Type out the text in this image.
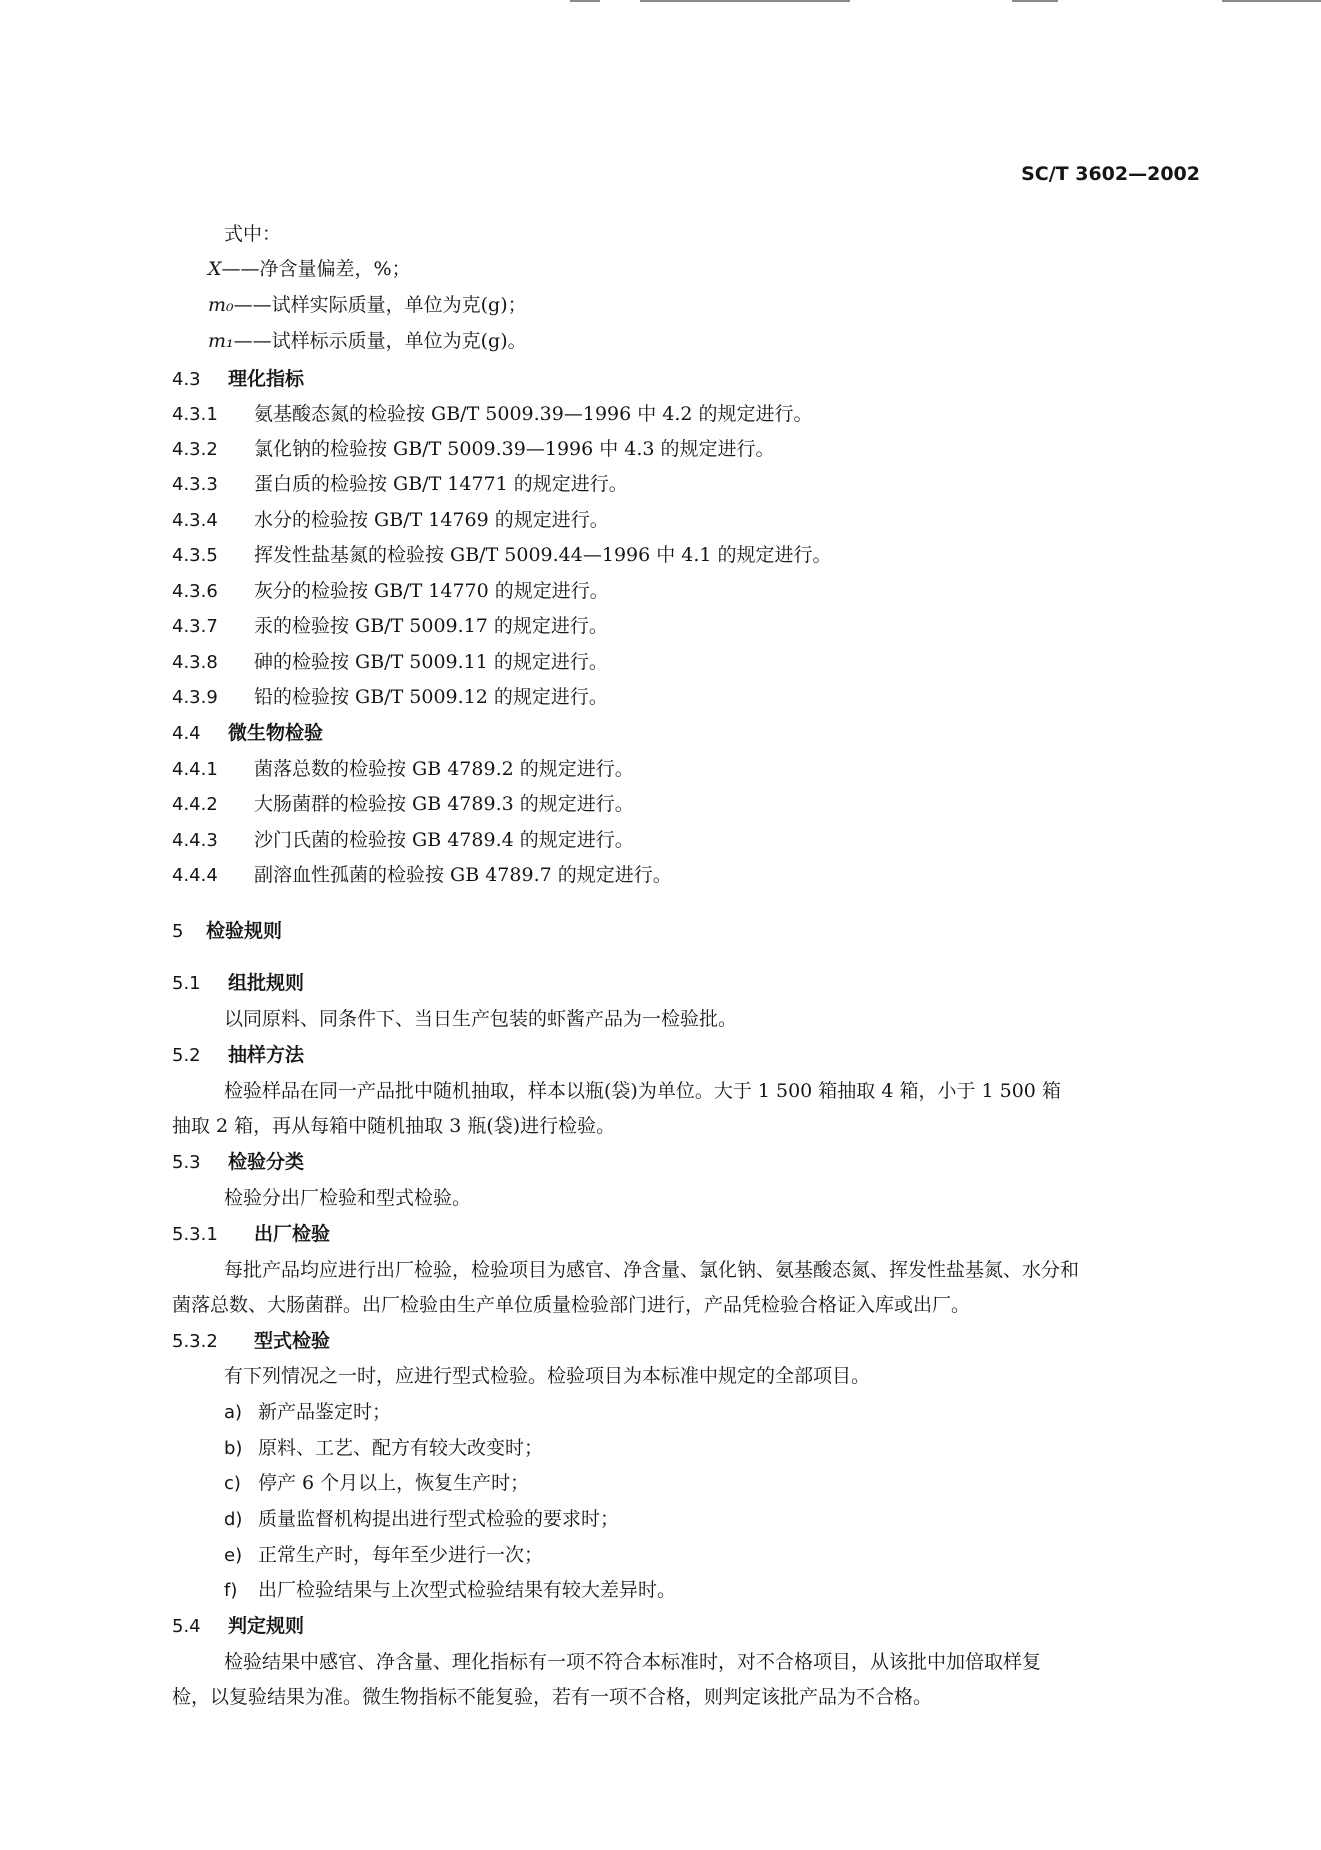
SC/T 3602—2002
式中：
X——净含量偏差，%；
m₀——试样实际质量，单位为克(g)；
m₁——试样标示质量，单位为克(g)。
4.3 理化指标
4.3.1 氨基酸态氮的检验按 GB/T 5009.39—1996 中 4.2 的规定进行。
4.3.2 氯化钠的检验按 GB/T 5009.39—1996 中 4.3 的规定进行。
4.3.3 蛋白质的检验按 GB/T 14771 的规定进行。
4.3.4 水分的检验按 GB/T 14769 的规定进行。
4.3.5 挥发性盐基氮的检验按 GB/T 5009.44—1996 中 4.1 的规定进行。
4.3.6 灰分的检验按 GB/T 14770 的规定进行。
4.3.7 汞的检验按 GB/T 5009.17 的规定进行。
4.3.8 砷的检验按 GB/T 5009.11 的规定进行。
4.3.9 铅的检验按 GB/T 5009.12 的规定进行。
4.4 微生物检验
4.4.1 菌落总数的检验按 GB 4789.2 的规定进行。
4.4.2 大肠菌群的检验按 GB 4789.3 的规定进行。
4.4.3 沙门氏菌的检验按 GB 4789.4 的规定进行。
4.4.4 副溶血性孤菌的检验按 GB 4789.7 的规定进行。
5 检验规则
5.1 组批规则
以同原料、同条件下、当日生产包装的虾酱产品为一检验批。
5.2 抽样方法
检验样品在同一产品批中随机抽取，样本以瓶(袋)为单位。大于 1 500 箱抽取 4 箱，小于 1 500 箱
抽取 2 箱，再从每箱中随机抽取 3 瓶(袋)进行检验。
5.3 检验分类
检验分出厂检验和型式检验。
5.3.1 出厂检验
每批产品均应进行出厂检验，检验项目为感官、净含量、氯化钠、氨基酸态氮、挥发性盐基氮、水分和
菌落总数、大肠菌群。出厂检验由生产单位质量检验部门进行，产品凭检验合格证入库或出厂。
5.3.2 型式检验
有下列情况之一时，应进行型式检验。检验项目为本标准中规定的全部项目。
a) 新产品鉴定时；
b) 原料、工艺、配方有较大改变时；
c) 停产 6 个月以上，恢复生产时；
d) 质量监督机构提出进行型式检验的要求时；
e) 正常生产时，每年至少进行一次；
f) 出厂检验结果与上次型式检验结果有较大差异时。
5.4 判定规则
检验结果中感官、净含量、理化指标有一项不符合本标准时，对不合格项目，从该批中加倍取样复
检，以复验结果为准。微生物指标不能复验，若有一项不合格，则判定该批产品为不合格。
